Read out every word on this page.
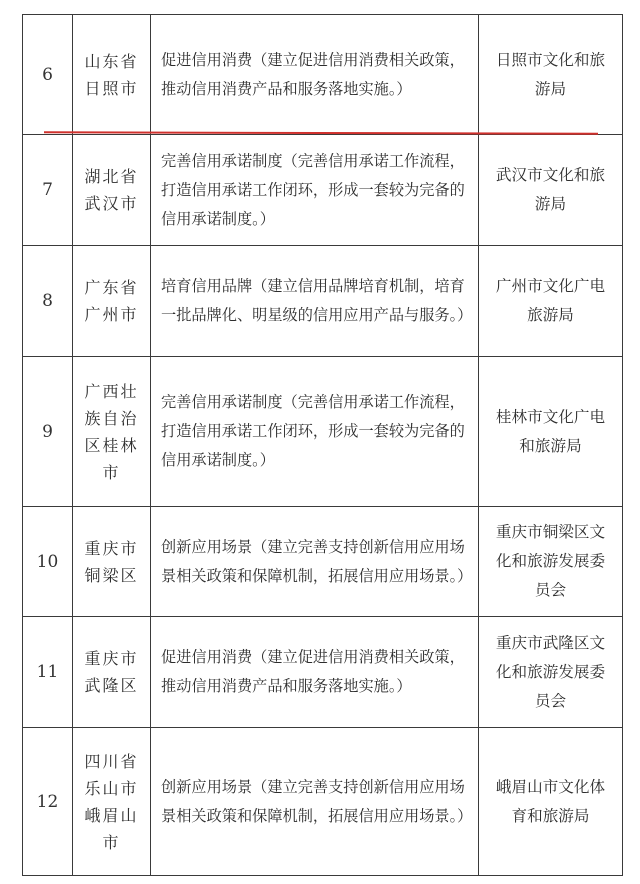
6	山东省日照市	促进信用消费（建立促进信用消费相关政策，推动信用消费产品和服务落地实施。）	日照市文化和旅游局
7	湖北省武汉市	完善信用承诺制度（完善信用承诺工作流程，打造信用承诺工作闭环，形成一套较为完备的信用承诺制度。）	武汉市文化和旅游局
8	广东省广州市	培育信用品牌（建立信用品牌培育机制，培育一批品牌化、明星级的信用应用产品与服务。）	广州市文化广电旅游局
9	广西壮族自治区桂林市	完善信用承诺制度（完善信用承诺工作流程，打造信用承诺工作闭环，形成一套较为完备的信用承诺制度。）	桂林市文化广电和旅游局
10	重庆市铜梁区	创新应用场景（建立完善支持创新信用应用场景相关政策和保障机制，拓展信用应用场景。）	重庆市铜梁区文化和旅游发展委员会
11	重庆市武隆区	促进信用消费（建立促进信用消费相关政策，推动信用消费产品和服务落地实施。）	重庆市武隆区文化和旅游发展委员会
12	四川省乐山市峨眉山市	创新应用场景（建立完善支持创新信用应用场景相关政策和保障机制，拓展信用应用场景。）	峨眉山市文化体育和旅游局
